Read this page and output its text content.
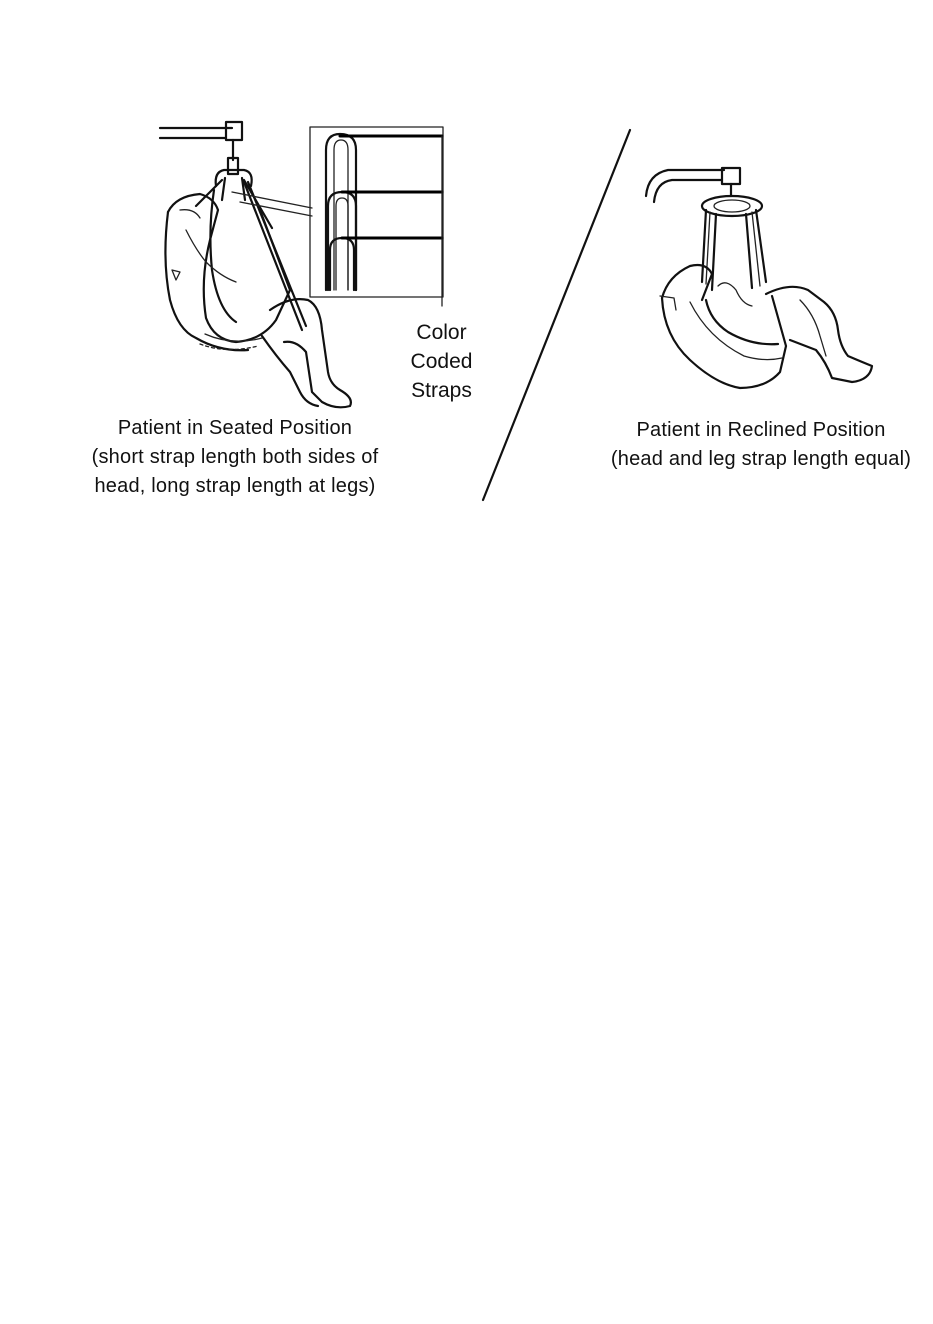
Color
Coded
Straps
Patient in Seated Position
(short strap length both sides of
head, long strap length at legs)
Patient in Reclined Position
(head and leg strap length equal)
